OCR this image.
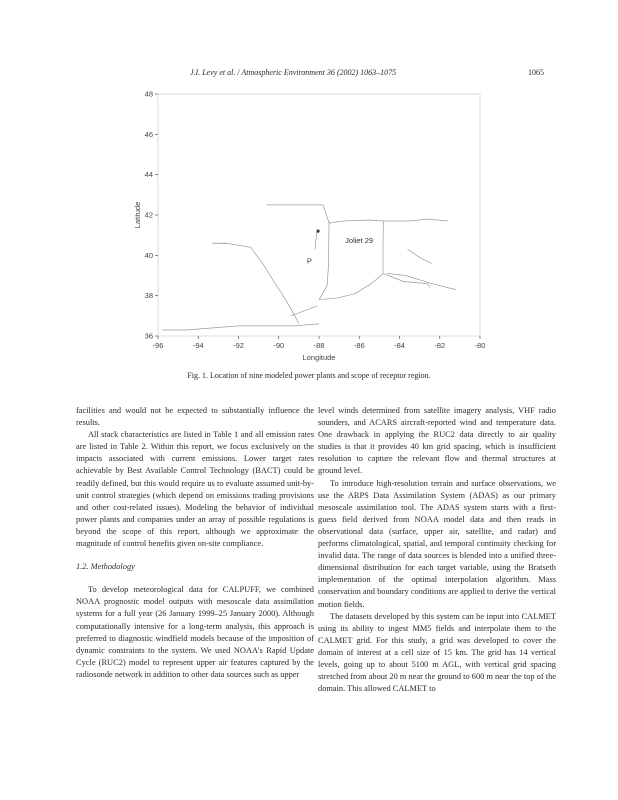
J.I. Levy et al. / Atmospheric Environment 36 (2002) 1063–1075	1065
-96	-94	-92	-90	-88	-86	-84	-82	-80
36
38
40
42
44
46
48
Longitude
Latitude
Joliet 29
P
Fig. 1. Location of nine modeled power plants and scope of receptor region.

facilities and would not be expected to substantially influence the results.

All stack characteristics are listed in Table 1 and all emission rates are listed in Table 2. Within this report, we focus exclusively on the impacts associated with current emissions. Lower target rates achievable by Best Available Control Technology (BACT) could be readily defined, but this would require us to evaluate assumed unit-by-unit control strategies (which depend on emissions trading provisions and other cost-related issues). Modeling the behavior of individual power plants and companies under an array of possible regulations is beyond the scope of this report, although we approximate the magnitude of control benefits given on-site compliance.

1.2. Methodology

To develop meteorological data for CALPUFF, we combined NOAA prognostic model outputs with mesoscale data assimilation systems for a full year (26 January 1999–25 January 2000). Although computationally intensive for a long-term analysis, this approach is preferred to diagnostic windfield models because of the imposition of dynamic constraints to the system. We used NOAA's Rapid Update Cycle (RUC2) model to represent upper air features captured by the radiosonde network in addition to other data sources such as upper

level winds determined from satellite imagery analysis, VHF radio sounders, and ACARS aircraft-reported wind and temperature data. One drawback in applying the RUC2 data directly to air quality studies is that it provides 40 km grid spacing, which is insufficient resolution to capture the relevant flow and thermal structures at ground level.

To introduce high-resolution terrain and surface observations, we use the ARPS Data Assimilation System (ADAS) as our primary mesoscale assimilation tool. The ADAS system starts with a first-guess field derived from NOAA model data and then reads in observational data (surface, upper air, satellite, and radar) and performs climatological, spatial, and temporal continuity checking for invalid data. The range of data sources is blended into a unified three-dimensional distribution for each target variable, using the Bratseth implementation of the optimal interpolation algorithm. Mass conservation and boundary conditions are applied to derive the vertical motion fields.

The datasets developed by this system can be input into CALMET using its ability to ingest MM5 fields and interpolate them to the CALMET grid. For this study, a grid was developed to cover the domain of interest at a cell size of 15 km. The grid has 14 vertical levels, going up to about 5100 m AGL, with vertical grid spacing stretched from about 20 m near the ground to 600 m near the top of the domain. This allowed CALMET to
